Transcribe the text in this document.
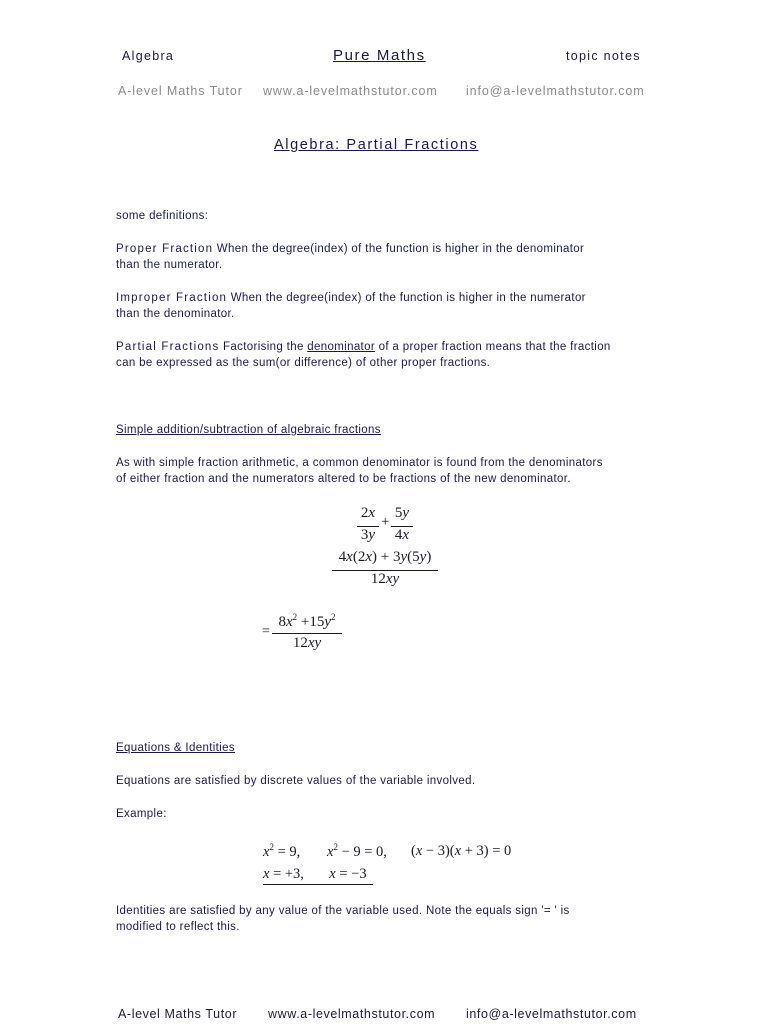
Algebra	Pure Maths	topic notes
A-level Maths Tutor www.a-levelmathstutor.com info@a-levelmathstutor.com
Algebra: Partial Fractions
some definitions:
Proper Fraction When the degree(index) of the function is higher in the denominator
than the numerator.
Improper Fraction When the degree(index) of the function is higher in the numerator
than the denominator.
Partial Fractions Factorising the denominator of a proper fraction means that the fraction
can be expressed as the sum(or difference) of other proper fractions.
Simple addition/subtraction of algebraic fractions
As with simple fraction arithmetic, a common denominator is found from the denominators
of either fraction and the numerators altered to be fractions of the new denominator.
2x
3y
+
5y
4x
4x(2x) + 3y(5y)
12xy
=
$8x^2 +15y^2$
12xy
Equations & Identities
Equations are satisfied by discrete values of the variable involved.
Example:
$x^2 = 9$, $x^2 - 9 = 0$, (x − 3)(x + 3) = 0
x = +3,       x = −3
Identities are satisfied by any value of the variable used. Note the equals sign '= ' is
modified to reflect this.
A-level Maths Tutor www.a-levelmathstutor.com info@a-levelmathstutor.com
